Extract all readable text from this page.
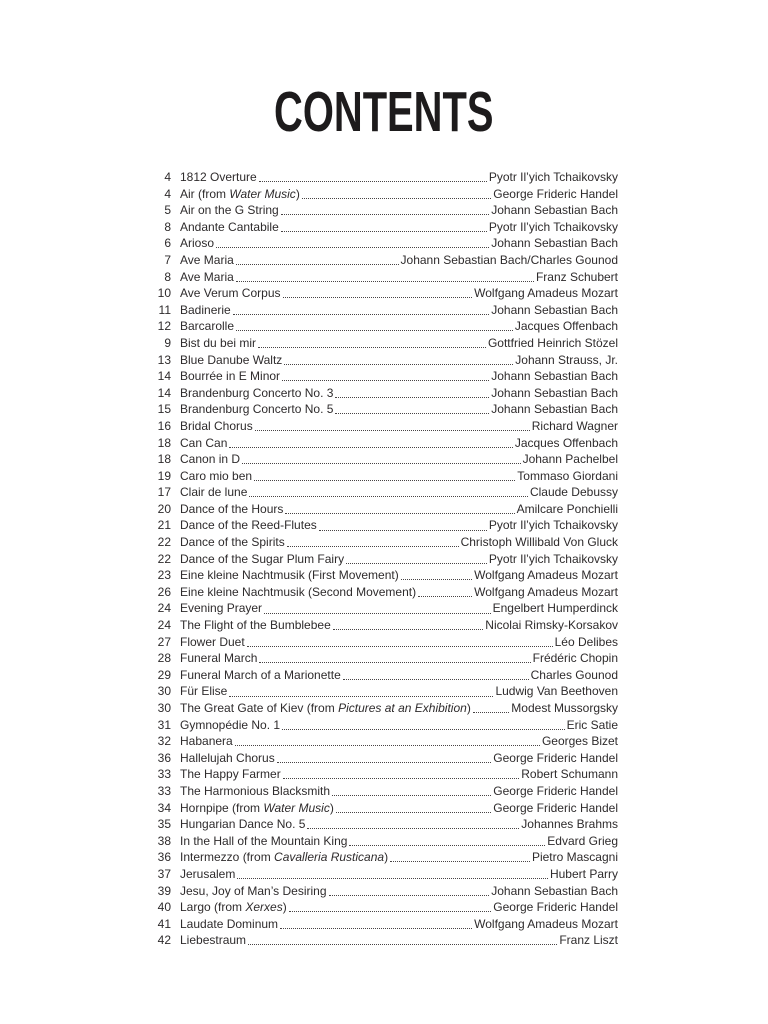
CONTENTS
4 1812 Overture	Pyotr Il’yich Tchaikovsky
4 Air (from Water Music)	George Frideric Handel
5 Air on the G String	Johann Sebastian Bach
8 Andante Cantabile	Pyotr Il’yich Tchaikovsky
6 Arioso	Johann Sebastian Bach
7 Ave Maria	Johann Sebastian Bach/Charles Gounod
8 Ave Maria	Franz Schubert
10 Ave Verum Corpus	Wolfgang Amadeus Mozart
11 Badinerie	Johann Sebastian Bach
12 Barcarolle	Jacques Offenbach
9 Bist du bei mir	Gottfried Heinrich Stözel
13 Blue Danube Waltz	Johann Strauss, Jr.
14 Bourrée in E Minor	Johann Sebastian Bach
14 Brandenburg Concerto No. 3	Johann Sebastian Bach
15 Brandenburg Concerto No. 5	Johann Sebastian Bach
16 Bridal Chorus	Richard Wagner
18 Can Can	Jacques Offenbach
18 Canon in D	Johann Pachelbel
19 Caro mio ben	Tommaso Giordani
17 Clair de lune	Claude Debussy
20 Dance of the Hours	Amilcare Ponchielli
21 Dance of the Reed-Flutes	Pyotr Il’yich Tchaikovsky
22 Dance of the Spirits	Christoph Willibald Von Gluck
22 Dance of the Sugar Plum Fairy	Pyotr Il’yich Tchaikovsky
23 Eine kleine Nachtmusik (First Movement)	Wolfgang Amadeus Mozart
26 Eine kleine Nachtmusik (Second Movement)	Wolfgang Amadeus Mozart
24 Evening Prayer	Engelbert Humperdinck
24 The Flight of the Bumblebee	Nicolai Rimsky-Korsakov
27 Flower Duet	Léo Delibes
28 Funeral March	Frédéric Chopin
29 Funeral March of a Marionette	Charles Gounod
30 Für Elise	Ludwig Van Beethoven
30 The Great Gate of Kiev (from Pictures at an Exhibition)	Modest Mussorgsky
31 Gymnopédie No. 1	Eric Satie
32 Habanera	Georges Bizet
36 Hallelujah Chorus	George Frideric Handel
33 The Happy Farmer	Robert Schumann
33 The Harmonious Blacksmith	George Frideric Handel
34 Hornpipe (from Water Music)	George Frideric Handel
35 Hungarian Dance No. 5	Johannes Brahms
38 In the Hall of the Mountain King	Edvard Grieg
36 Intermezzo (from Cavalleria Rusticana)	Pietro Mascagni
37 Jerusalem	Hubert Parry
39 Jesu, Joy of Man’s Desiring	Johann Sebastian Bach
40 Largo (from Xerxes)	George Frideric Handel
41 Laudate Dominum	Wolfgang Amadeus Mozart
42 Liebestraum	Franz Liszt
